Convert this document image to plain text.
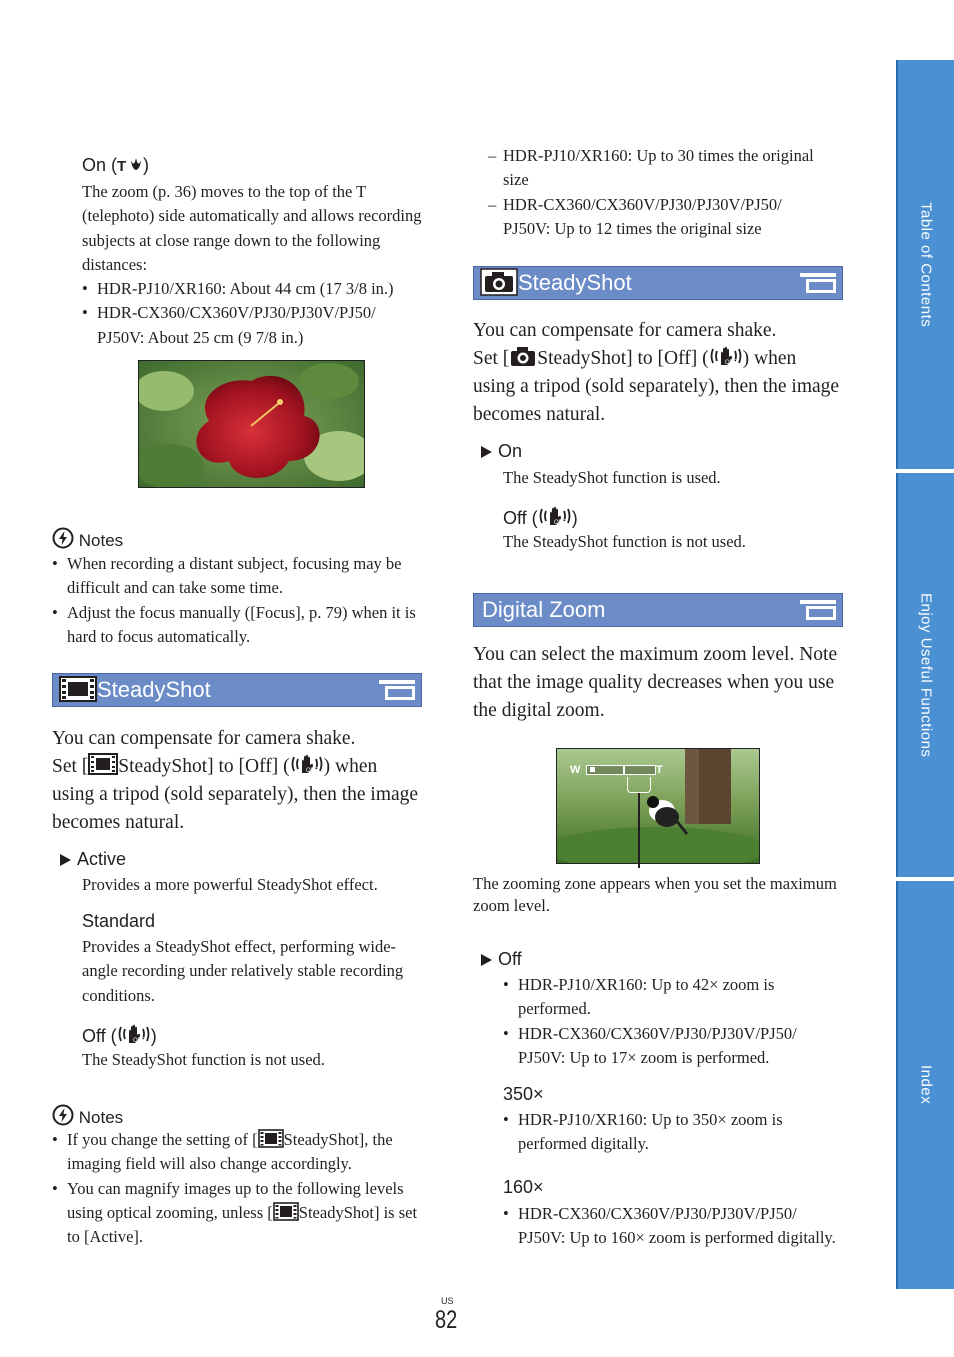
On ( T )
The zoom (p. 36) moves to the top of the T (telephoto) side automatically and allows recording subjects at close range down to the following distances:
• HDR-PJ10/XR160: About 44 cm (17 3/8 in.)
• HDR-CX360/CX360V/PJ30/PJ30V/PJ50/ PJ50V: About 25 cm (9 7/8 in.)
Notes
• When recording a distant subject, focusing may be difficult and can take some time.
• Adjust the focus manually ([Focus], p. 79) when it is hard to focus automatically.
SteadyShot
You can compensate for camera shake.
Set [ SteadyShot] to [Off] (	OFF ) when
using a tripod (sold separately), then the image becomes natural.
Active
Provides a more powerful SteadyShot effect.
Standard
Provides a SteadyShot effect, performing wide-angle recording under relatively stable recording conditions.
Off (	OFF )
The SteadyShot function is not used.
Notes
• If you change the setting of [ SteadyShot], the imaging field will also change accordingly.
• You can magnify images up to the following levels using optical zooming, unless [ SteadyShot] is set to [Active].
– HDR-PJ10/XR160: Up to 30 times the original size
– HDR-CX360/CX360V/PJ30/PJ30V/PJ50/ PJ50V: Up to 12 times the original size
SteadyShot
You can compensate for camera shake.
Set [ SteadyShot] to [Off] (	OFF ) when
using a tripod (sold separately), then the image becomes natural.
On
The SteadyShot function is used.
Off (	OFF )
The SteadyShot function is not used.
Digital Zoom
You can select the maximum zoom level. Note that the image quality decreases when you use the digital zoom.
W	T
The zooming zone appears when you set the maximum zoom level.
Off
• HDR-PJ10/XR160: Up to 42× zoom is performed.
• HDR-CX360/CX360V/PJ30/PJ30V/PJ50/ PJ50V: Up to 17× zoom is performed.
350×
• HDR-PJ10/XR160: Up to 350× zoom is performed digitally.
160×
• HDR-CX360/CX360V/PJ30/PJ30V/PJ50/ PJ50V: Up to 160× zoom is performed digitally.
US
82
Table of Contents
Enjoy Useful Functions
Index
